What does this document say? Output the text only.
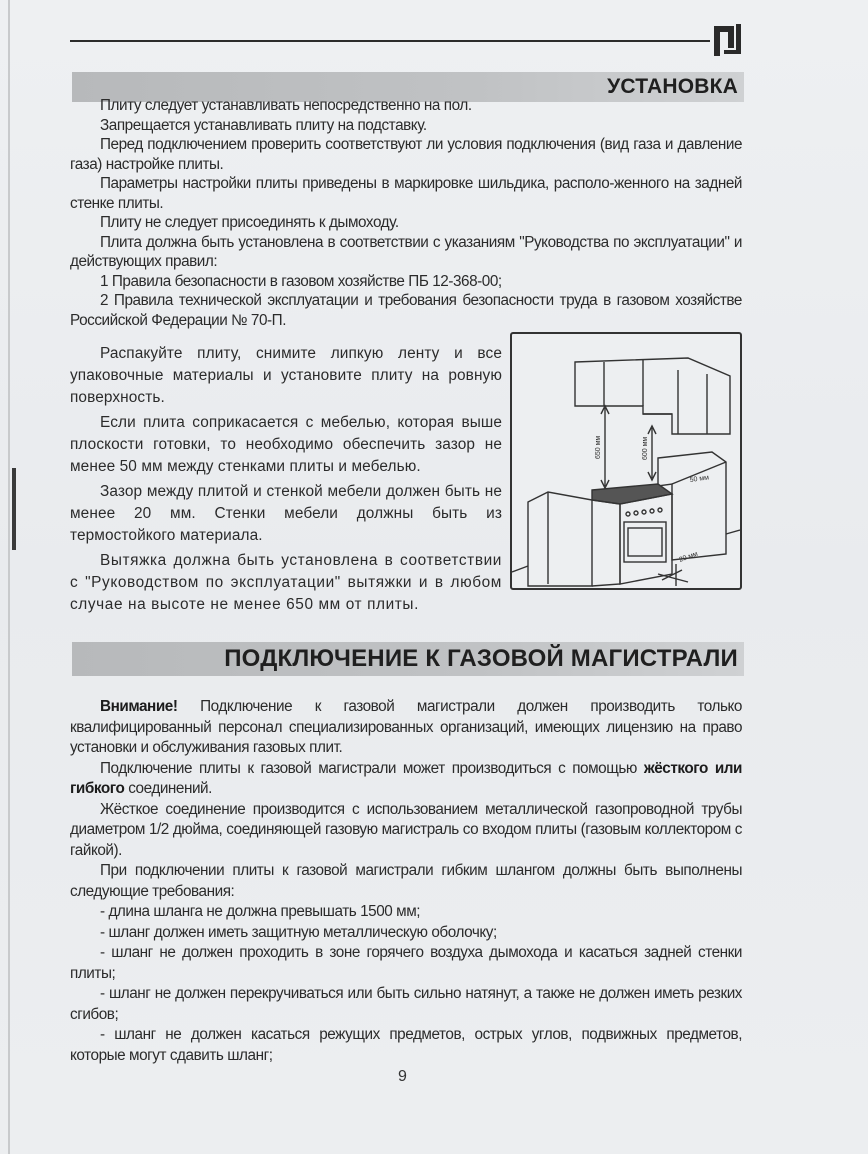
УСТАНОВКА

Плиту следует устанавливать непосредственно на пол.

Запрещается устанавливать плиту на подставку.

Перед подключением проверить соответствуют ли условия подключения (вид газа и давление газа) настройке плиты.

Параметры настройки плиты приведены в маркировке шильдика, располо-женного на задней стенке плиты.

Плиту не следует присоединять к дымоходу.

Плита должна быть установлена в соответствии с указаниям "Руководства по эксплуатации" и действующих правил:

1 Правила безопасности в газовом хозяйстве ПБ 12-368-00;

2 Правила технической эксплуатации и требования безопасности труда в газовом хозяйстве Российской Федерации № 70-П.

Распакуйте плиту, снимите липкую ленту и все упаковочные материалы и установите плиту на ровную поверхность.

Если плита соприкасается с мебелью, которая выше плоскости готовки, то необходимо обеспечить зазор не менее 50 мм между стенками плиты и мебелью.

Зазор между плитой и стенкой мебели должен быть не менее 20 мм. Стенки мебели должны быть из термостойкого материала.

Вытяжка должна быть установлена в соответствии с "Руководством по эксплуатации" вытяжки и в любом случае на высоте не менее 650 мм от плиты.

650 мм	600 мм
50 мм
20 мм
ПОДКЛЮЧЕНИЕ К ГАЗОВОЙ МАГИСТРАЛИ

Внимание! Подключение к газовой магистрали должен производить только квалифицированный персонал специализированных организаций, имеющих лицензию на право установки и обслуживания газовых плит.

Подключение плиты к газовой магистрали может производиться с помощью жёсткого или гибкого соединений.

Жёсткое соединение производится с использованием металлической газопроводной трубы диаметром 1/2 дюйма, соединяющей газовую магистраль со входом плиты (газовым коллектором с гайкой).

При подключении плиты к газовой магистрали гибким шлангом должны быть выполнены следующие требования:

- длина шланга не должна превышать 1500 мм;

- шланг должен иметь защитную металлическую оболочку;

- шланг не должен проходить в зоне горячего воздуха дымохода и касаться задней стенки плиты;

- шланг не должен перекручиваться или быть сильно натянут, а также не должен иметь резких сгибов;

- шланг не должен касаться режущих предметов, острых углов, подвижных предметов, которые могут сдавить шланг;

9
